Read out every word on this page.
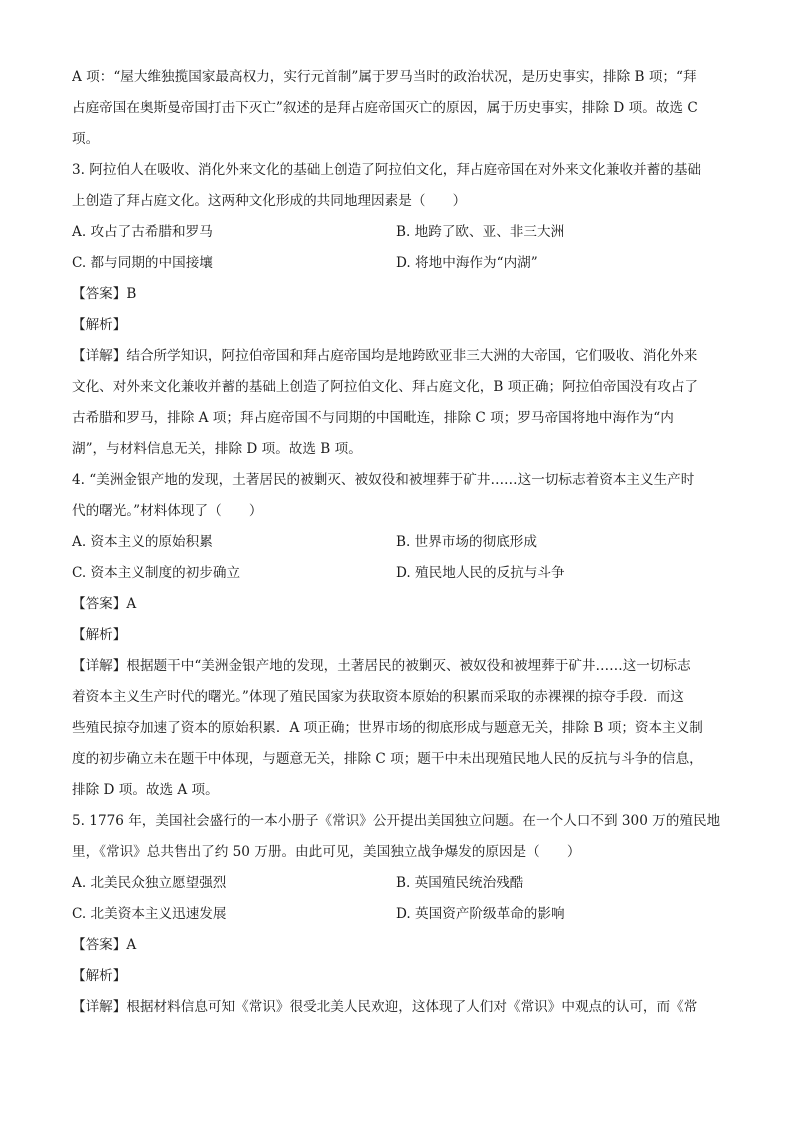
A 项：“屋大维独揽国家最高权力，实行元首制”属于罗马当时的政治状况，是历史事实，排除 B 项；“拜
占庭帝国在奥斯曼帝国打击下灭亡”叙述的是拜占庭帝国灭亡的原因，属于历史事实，排除 D 项。故选 C
项。
3. 阿拉伯人在吸收、消化外来文化的基础上创造了阿拉伯文化，拜占庭帝国在对外来文化兼收并蓄的基础
上创造了拜占庭文化。这两种文化形成的共同地理因素是（　　）
A. 攻占了古希腊和罗马	B. 地跨了欧、亚、非三大洲
C. 都与同期的中国接壤	D. 将地中海作为“内湖”
【答案】B
【解析】
【详解】结合所学知识，阿拉伯帝国和拜占庭帝国均是地跨欧亚非三大洲的大帝国，它们吸收、消化外来
文化、对外来文化兼收并蓄的基础上创造了阿拉伯文化、拜占庭文化，B 项正确；阿拉伯帝国没有攻占了
古希腊和罗马，排除 A 项；拜占庭帝国不与同期的中国毗连，排除 C 项；罗马帝国将地中海作为“内
湖”，与材料信息无关，排除 D 项。故选 B 项。
4. “美洲金银产地的发现，土著居民的被剿灭、被奴役和被埋葬于矿井……这一切标志着资本主义生产时
代的曙光。”材料体现了（　　）
A. 资本主义的原始积累	B. 世界市场的彻底形成
C. 资本主义制度的初步确立	D. 殖民地人民的反抗与斗争
【答案】A
【解析】
【详解】根据题干中“美洲金银产地的发现，土著居民的被剿灭、被奴役和被埋葬于矿井……这一切标志
着资本主义生产时代的曙光。”体现了殖民国家为获取资本原始的积累而采取的赤裸裸的掠夺手段．而这
些殖民掠夺加速了资本的原始积累．A 项正确；世界市场的彻底形成与题意无关，排除 B 项；资本主义制
度的初步确立未在题干中体现，与题意无关，排除 C 项；题干中未出现殖民地人民的反抗与斗争的信息，
排除 D 项。故选 A 项。
5. 1776 年，美国社会盛行的一本小册子《常识》公开提出美国独立问题。在一个人口不到 300 万的殖民地
里，《常识》总共售出了约 50 万册。由此可见，美国独立战争爆发的原因是（　　）
A. 北美民众独立愿望强烈	B. 英国殖民统治残酷
C. 北美资本主义迅速发展	D. 英国资产阶级革命的影响
【答案】A
【解析】
【详解】根据材料信息可知《常识》很受北美人民欢迎，这体现了人们对《常识》中观点的认可，而《常
